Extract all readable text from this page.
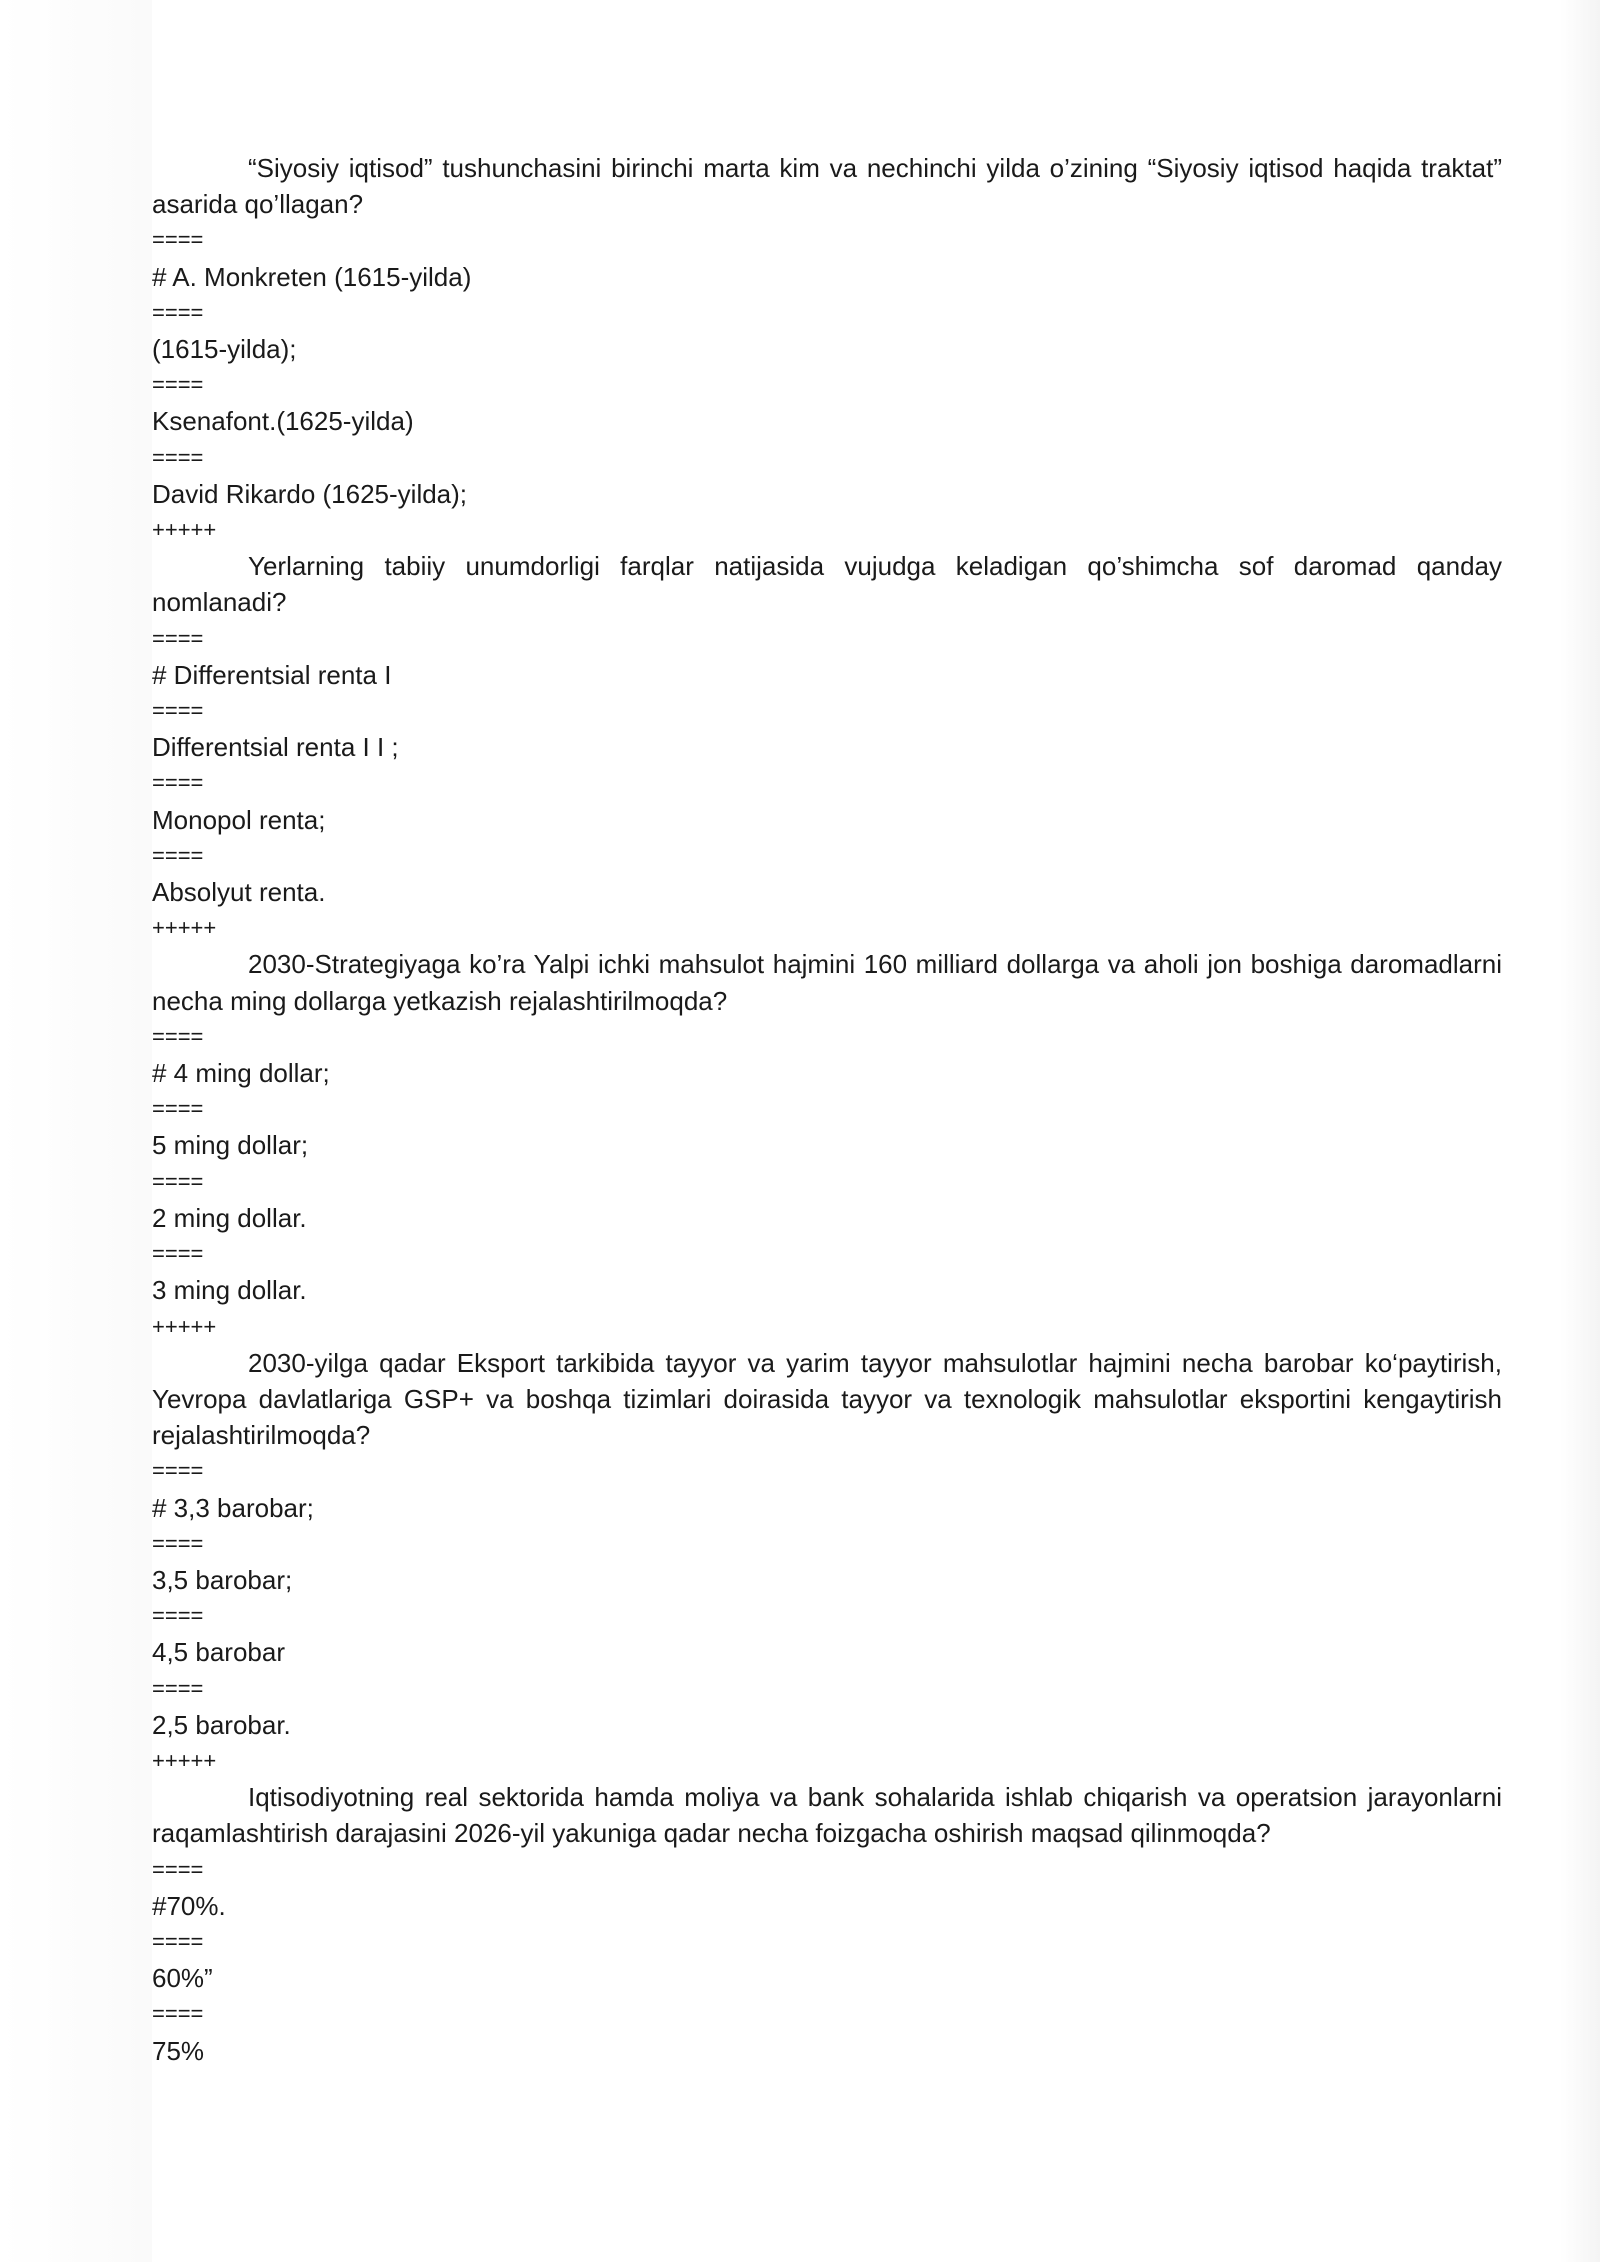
“Siyosiy iqtisod” tushunchasini birinchi marta kim va nechinchi yilda o’zining “Siyosiy iqtisod haqida traktat” asarida qo’llagan?

====

# A. Monkreten (1615-yilda)

====

(1615-yilda);

====

Ksenafont.(1625-yilda)

====

David Rikardo (1625-yilda);

+++++

Yerlarning tabiiy unumdorligi farqlar natijasida vujudga keladigan qo’shimcha sof daromad qanday nomlanadi?

====

# Differentsial renta I

====

Differentsial renta I I ;

====

Monopol renta;

====

Absolyut renta.

+++++

2030-Strategiyaga ko’ra Yalpi ichki mahsulot hajmini 160 milliard dollarga va aholi jon boshiga daromadlarni necha ming dollarga yetkazish rejalashtirilmoqda?

====

# 4 ming dollar;

====

5 ming dollar;

====

2 ming dollar.

====

3 ming dollar.

+++++

2030-yilga qadar Eksport tarkibida tayyor va yarim tayyor mahsulotlar hajmini necha barobar ko‘paytirish, Yevropa davlatlariga GSP+ va boshqa tizimlari doirasida tayyor va texnologik mahsulotlar eksportini kengaytirish rejalashtirilmoqda?

====

# 3,3 barobar;

====

3,5 barobar;

====

4,5 barobar

====

2,5 barobar.

+++++

Iqtisodiyotning real sektorida hamda moliya va bank sohalarida ishlab chiqarish va operatsion jarayonlarni raqamlashtirish darajasini 2026-yil yakuniga qadar necha foizgacha oshirish maqsad qilinmoqda?

====

#70%.

====

60%”

====

75%
